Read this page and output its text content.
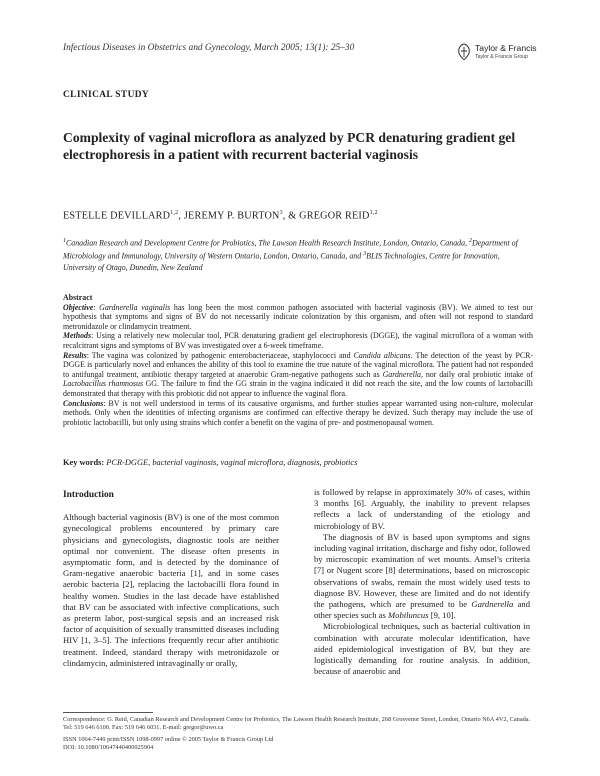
Infectious Diseases in Obstetrics and Gynecology, March 2005; 13(1): 25–30	Taylor & Francis
Taylor & Francis Group
CLINICAL STUDY
Complexity of vaginal microflora as analyzed by PCR denaturing gradient gel electrophoresis in a patient with recurrent bacterial vaginosis
ESTELLE DEVILLARD$^{1,2}$, JEREMY P. BURTON$^3$, & GREGOR REID$^{1,2}$
$^1$Canadian Research and Development Centre for Probiotics, The Lawson Health Research Institute, London, Ontario, Canada, $^2$Department of Microbiology and Immunology, University of Western Ontario, London, Ontario, Canada, and $^3$BLIS Technologies, Centre for Innovation, University of Otago, Dunedin, New Zealand
Abstract

Objective: Gardnerella vaginalis has long been the most common pathogen associated with bacterial vaginosis (BV). We aimed to test our hypothesis that symptoms and signs of BV do not necessarily indicate colonization by this organism, and often will not respond to standard metronidazole or clindamycin treatment.

Methods: Using a relatively new molecular tool, PCR denaturing gradient gel electrophoresis (DGGE), the vaginal microflora of a woman with recalcitrant signs and symptoms of BV was investigated over a 6-week timeframe.

Results: The vagina was colonized by pathogenic enterobacteriaceae, staphylococci and Candida albicans. The detection of the yeast by PCR-DGGE is particularly novel and enhances the ability of this tool to examine the true nature of the vaginal microflora. The patient had not responded to antifungal treatment, antibiotic therapy targeted at anaerobic Gram-negative pathogens such as Gardnerella, nor daily oral probiotic intake of Lactobacillus rhamnosus GG. The failure to find the GG strain in the vagina indicated it did not reach the site, and the low counts of lactobacilli demonstrated that therapy with this probiotic did not appear to influence the vaginal flora.

Conclusions: BV is not well understood in terms of its causative organisms, and further studies appear warranted using non-culture, molecular methods. Only when the identities of infecting organisms are confirmed can effective therapy be devized. Such therapy may include the use of probiotic lactobacilli, but only using strains which confer a benefit on the vagina of pre- and postmenopausal women.

Key words: PCR-DGGE, bacterial vaginosis, vaginal microflora, diagnosis, probiotics
Introduction

Although bacterial vaginosis (BV) is one of the most common gynecological problems encountered by primary care physicians and gynecologists, diagnostic tools are neither optimal nor convenient. The disease often presents in asymptomatic form, and is detected by the dominance of Gram-negative anaerobic bacteria [1], and in some cases aerobic bacteria [2], replacing the lactobacilli flora found in healthy women. Studies in the last decade have established that BV can be associated with infective complications, such as preterm labor, post-surgical sepsis and an increased risk factor of acquisition of sexually transmitted diseases including HIV [1, 3–5]. The infections frequently recur after antibiotic treatment. Indeed, standard therapy with metronidazole or clindamycin, administered intravaginally or orally,

is followed by relapse in approximately 30% of cases, within 3 months [6]. Arguably, the inability to prevent relapses reflects a lack of understanding of the etiology and microbiology of BV.

The diagnosis of BV is based upon symptoms and signs including vaginal irritation, discharge and fishy odor, followed by microscopic examination of wet mounts. Amsel’s criteria [7] or Nugent score [8] determinations, based on microscopic observations of swabs, remain the most widely used tests to diagnose BV. However, these are limited and do not identify the pathogens, which are presumed to be Gardnerella and other species such as Mobiluncus [9, 10].

Microbiological techniques, such as bacterial cultivation in combination with accurate molecular identification, have aided epidemiological investigation of BV, but they are logistically demanding for routine analysis. In addition, because of anaerobic and

Correspondence: G. Reid, Canadian Research and Development Centre for Probiotics, The Lawson Health Research Institute, 268 Grosvenor Street, London, Ontario N6A 4V2, Canada. Tel: 519 646 6100. Fax: 519 646 6031. E-mail: gregor@uwo.ca
ISSN 1064-7449 print/ISSN 1098-0997 online © 2005 Taylor & Francis Group Ltd
DOI: 10.1080/10647440400025904
